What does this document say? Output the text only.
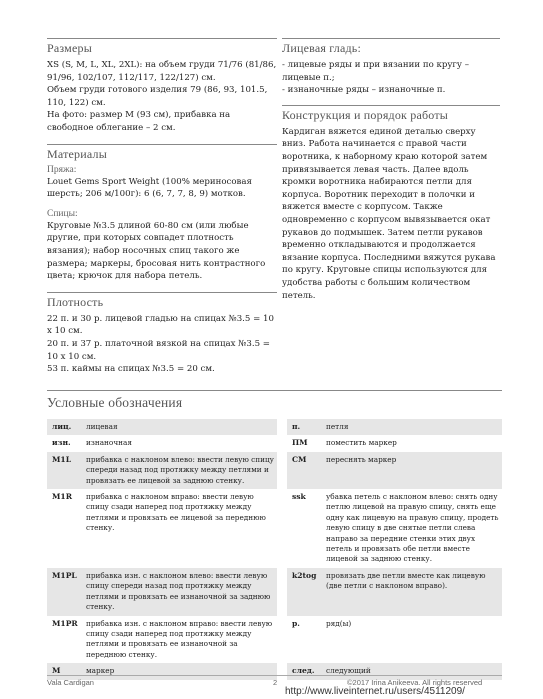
Размеры

XS (S, M, L, XL, 2XL): на объем груди 71/76 (81/86, 91/96, 102/107, 112/117, 122/127) см.

Объем груди готового изделия 79 (86, 93, 101.5, 110, 122) см.

На фото: размер М (93 см), прибавка на свободное облегание – 2 см.

Материалы
Пряжа:

Louet Gems Sport Weight (100% мериносовая шерсть; 206 м/100г): 6 (6, 7, 7, 8, 9) мотков.

Спицы:

Круговые №3.5 длиной 60-80 см (или любые другие, при которых совпадет плотность вязания); набор носочных спиц такого же размера; маркеры, бросовая нить контрастного цвета; крючок для набора петель.

Плотность

22 п. и 30 р. лицевой гладью на спицах №3.5 = 10 x 10 см.

20 п. и 37 р. платочной вязкой на спицах №3.5 = 10 x 10 см.

53 п. каймы на спицах №3.5 = 20 см.

Лицевая гладь:

- лицевые ряды и при вязании по кругу – лицевые п.;

- изнаночные ряды – изнаночные п.

Конструкция и порядок работы

Кардиган вяжется единой деталью сверху вниз. Работа начинается с правой части воротника, к наборному краю которой затем привязывается левая часть. Далее вдоль кромки воротника набираются петли для корпуса. Воротник переходит в полочки и вяжется вместе с корпусом. Также одновременно с корпусом вывязывается окат рукавов до подмышек. Затем петли рукавов временно откладываются и продолжается вязание корпуса. Последними вяжутся рукава по кругу. Круговые спицы используются для удобства работы с большим количеством петель.

Условные обозначения
лиц.	лицевая		п.	петля
изн.	изнаночная		ПМ	поместить маркер
M1L	прибавка с наклоном влево: ввести левую спицу спереди назад под протяжку между петлями и провязать ее лицевой за заднюю стенку.		СМ	переснять маркер
M1R	прибавка с наклоном вправо: ввести левую спицу сзади наперед под протяжку между петлями и провязать ее лицевой за переднюю стенку.		ssk	убавка петель с наклоном влево: снять одну петлю лицевой на правую спицу, снять еще одну как лицевую на правую спицу, продеть левую спицу в две снятые петли слева направо за передние стенки этих двух петель и провязать обе петли вместе лицевой за заднюю стенку.
M1PL	прибавка изн. с наклоном влево: ввести левую спицу спереди назад под протяжку между петлями и провязать ее изнаночной за заднюю стенку.		k2tog	провязать две петли вместе как лицевую (две петли с наклоном вправо).
M1PR	прибавка изн. с наклоном вправо: ввести левую спицу сзади наперед под протяжку между петлями и провязать ее изнаночной за переднюю стенку.		р.	ряд(ы)
М	маркер		след.	следующий
Vala Cardigan	2	©2017 Irina Anikeeva. All rights reserved
http://www.liveinternet.ru/users/4511209/
